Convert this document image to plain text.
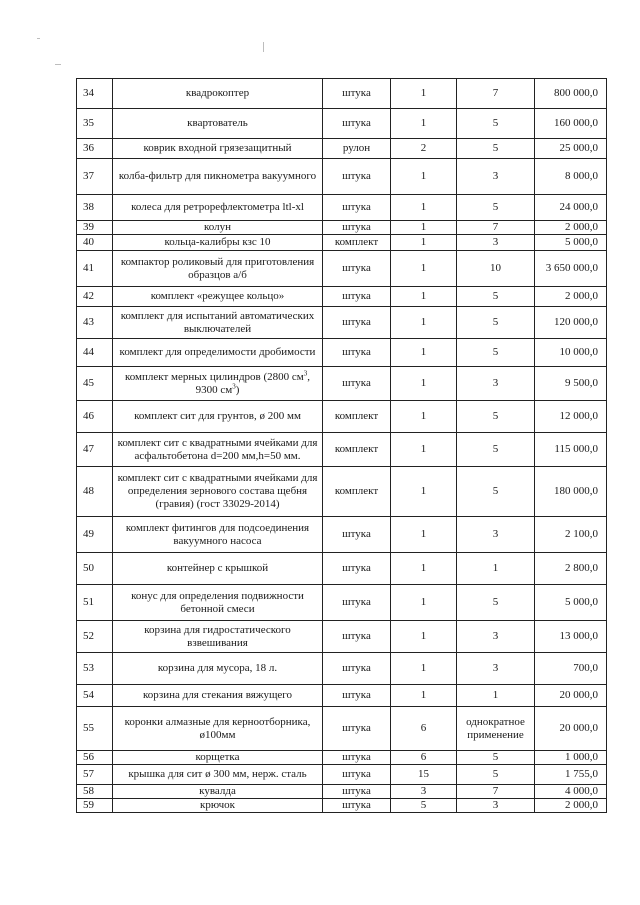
34	квадрокоптер	штука	1	7	800 000,0
35	квартователь	штука	1	5	160 000,0
36	коврик входной грязезащитный	рулон	2	5	25 000,0
37	колба-фильтр для пикнометра вакуумного	штука	1	3	8 000,0
38	колеса для ретрорефлектометра ltl-xl	штука	1	5	24 000,0
39	колун	штука	1	7	2 000,0
40	кольца-калибры кзс 10	комплект	1	3	5 000,0
41	компактор роликовый для приготовления образцов а/б	штука	1	10	3 650 000,0
42	комплект «режущее кольцо»	штука	1	5	2 000,0
43	комплект для испытаний автоматических выключателей	штука	1	5	120 000,0
44	комплект для определимости дробимости	штука	1	5	10 000,0
45	комплект мерных цилиндров (2800 $см^3$, 9300 $см^3$)	штука	1	3	9 500,0
46	комплект сит для грунтов, ø 200 мм	комплект	1	5	12 000,0
47	комплект сит с квадратными ячейками для асфальтобетона d=200 мм,h=50 мм.	комплект	1	5	115 000,0
48	комплект сит с квадратными ячейками для определения зернового состава щебня (гравия) (гост 33029-2014)	комплект	1	5	180 000,0
49	комплект фитингов для подсоединения вакуумного насоса	штука	1	3	2 100,0
50	контейнер с крышкой	штука	1	1	2 800,0
51	конус для определения подвижности бетонной смеси	штука	1	5	5 000,0
52	корзина для гидростатического взвешивания	штука	1	3	13 000,0
53	корзина для мусора, 18 л.	штука	1	3	700,0
54	корзина для стекания вяжущего	штука	1	1	20 000,0
55	коронки алмазные для керноотборника, ø100мм	штука	6	однократное применение	20 000,0
56	корщетка	штука	6	5	1 000,0
57	крышка для сит ø 300 мм, нерж. сталь	штука	15	5	1 755,0
58	кувалда	штука	3	7	4 000,0
59	крючок	штука	5	3	2 000,0
